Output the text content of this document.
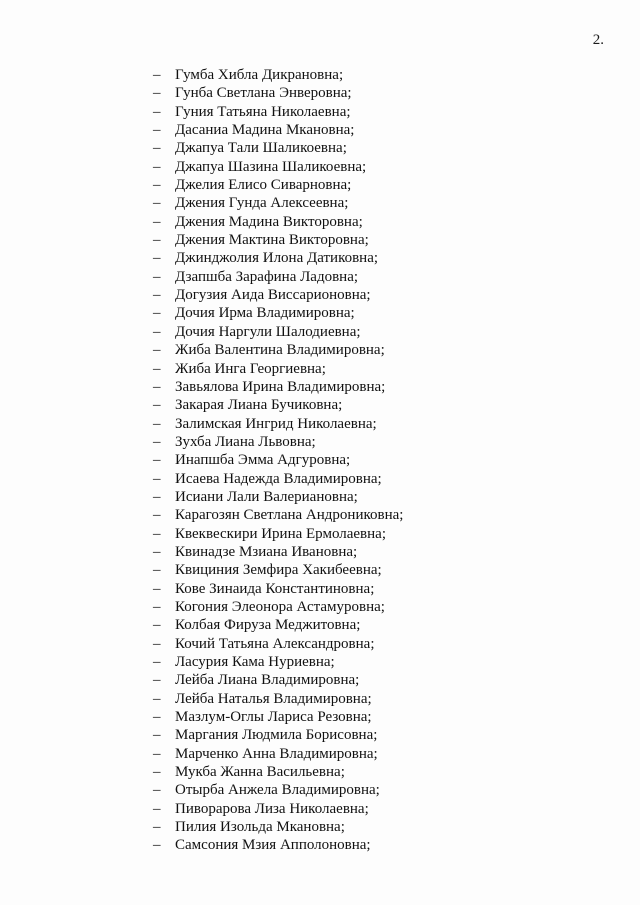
2.
– Гумба Хибла Дикрановна;
– Гунба Светлана Энверовна;
– Гуния Татьяна Николаевна;
– Дасаниа Мадина Мкановна;
– Джапуа Тали Шаликоевна;
– Джапуа Шазина Шаликоевна;
– Джелия Елисо Сиварновна;
– Джения Гунда Алексеевна;
– Джения Мадина Викторовна;
– Джения Мактина Викторовна;
– Джинджолия Илона Датиковна;
– Дзапшба Зарафина Ладовна;
– Догузия Аида Виссарионовна;
– Дочия Ирма Владимировна;
– Дочия Наргули Шалодиевна;
– Жиба Валентина Владимировна;
– Жиба Инга Георгиевна;
– Завьялова Ирина Владимировна;
– Закарая Лиана Бучиковна;
– Залимская Ингрид Николаевна;
– Зухба Лиана Львовна;
– Инапшба Эмма Адгуровна;
– Исаева Надежда Владимировна;
– Исиани Лали Валериановна;
– Карагозян Светлана Андрониковна;
– Квеквескири Ирина Ермолаевна;
– Квинадзе Мзиана Ивановна;
– Квициния Земфира Хакибеевна;
– Кове Зинаида Константиновна;
– Когония Элеонора Астамуровна;
– Колбая Фируза Меджитовна;
– Кочий Татьяна Александровна;
– Ласурия Кама Нуриевна;
– Лейба Лиана Владимировна;
– Лейба Наталья Владимировна;
– Мазлум-Оглы Лариса Резовна;
– Маргания Людмила Борисовна;
– Марченко Анна Владимировна;
– Мукба Жанна Васильевна;
– Отырба Анжела Владимировна;
– Пиворарова Лиза Николаевна;
– Пилия Изольда Мкановна;
– Самсония Мзия Апполоновна;
